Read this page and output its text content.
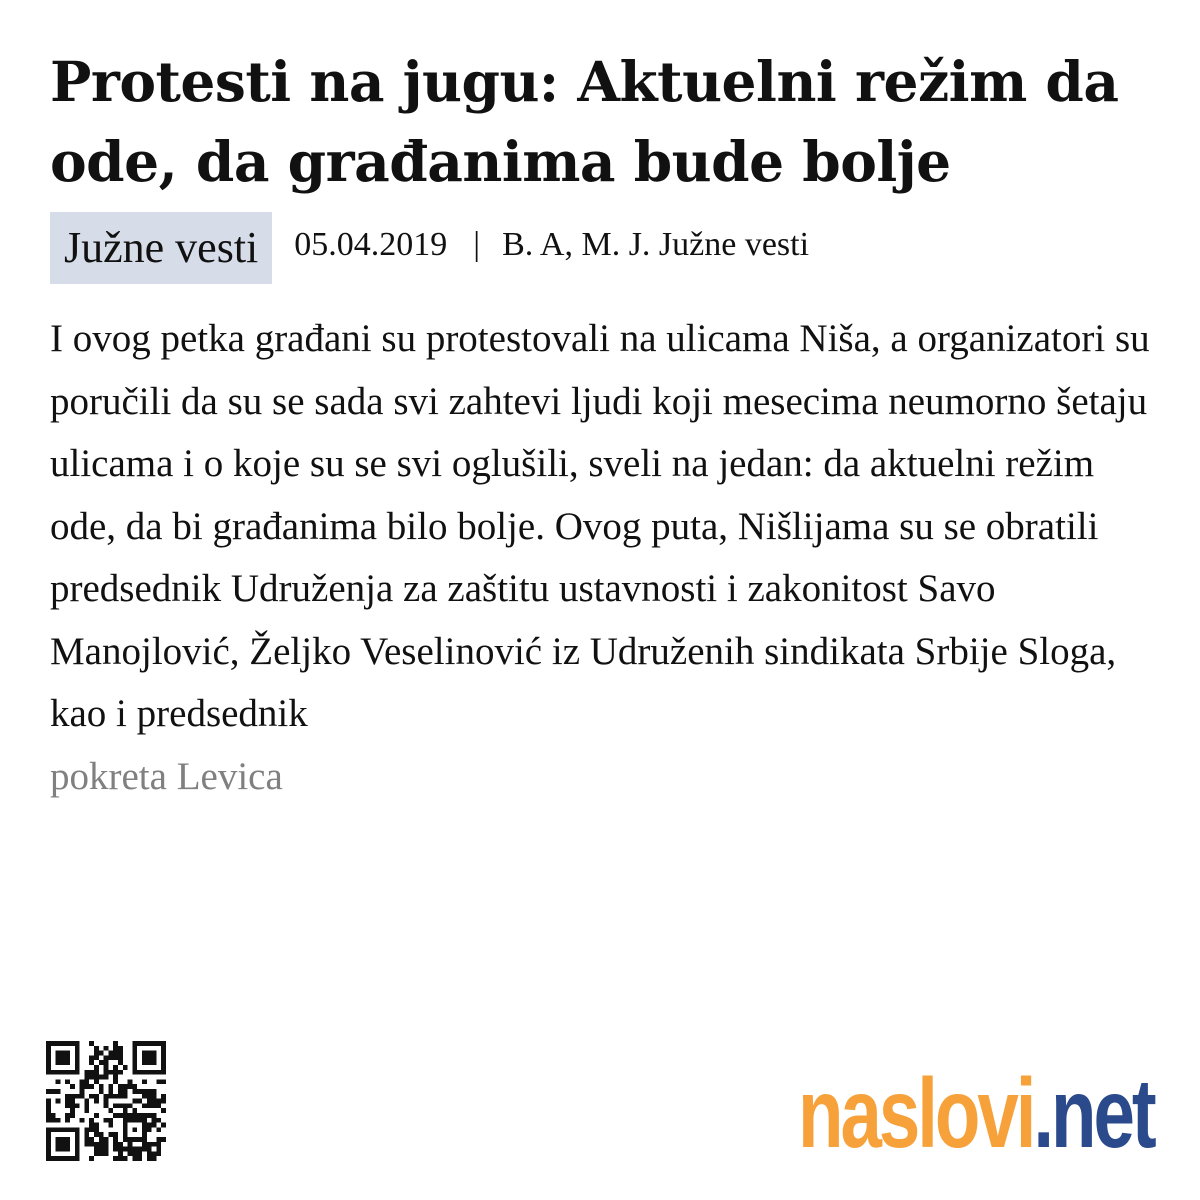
Protesti na jugu: Aktuelni režim da ode, da građanima bude bolje
Južne vesti	05.04.2019 | B. A, M. J. Južne vesti
I ovog petka građani su protestovali na ulicama Niša, a organizatori su poručili da su se sada svi zahtevi ljudi koji mesecima neumorno šetaju ulicama i o koje su se svi oglušili, sveli na jedan: da aktuelni režim ode, da bi građanima bilo bolje. Ovog puta, Nišlijama su se obratili predsednik Udruženja za zaštitu ustavnosti i zakonitost Savo Manojlović, Željko Veselinović iz Udruženih sindikata Srbije Sloga, kao i predsednik
pokreta Levica
naslovi.net
